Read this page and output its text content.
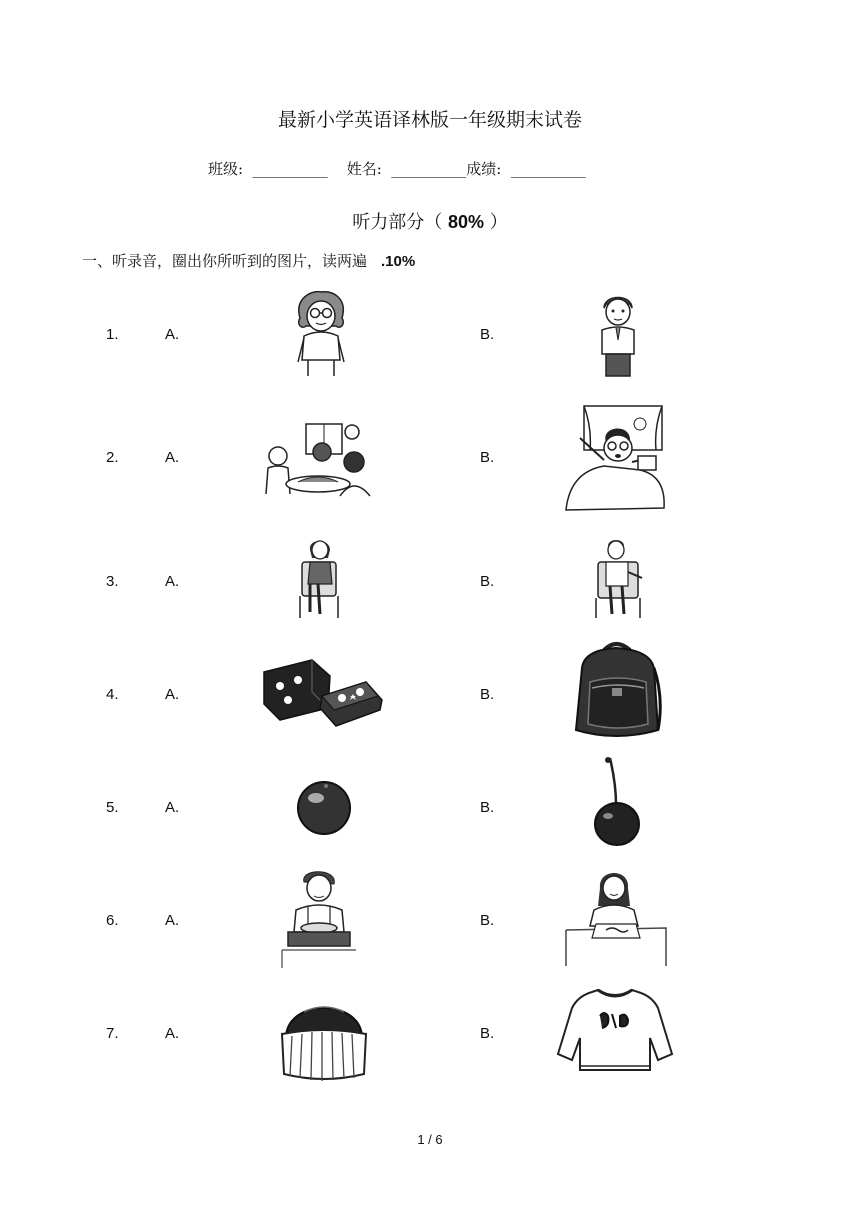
最新小学英语译林版一年级期末试卷
班级: __________ 姓名: __________成绩: __________
听力部分（ 80% ）
一、听录音，圈出你所听到的图片，读两遍 .10%
1.	A.	B.
2.	A.	B.
3.	A.	B.
4.	A.	B.
5.	A.	B.
6.	A.	B.
7.	A.	B.
1 / 6
